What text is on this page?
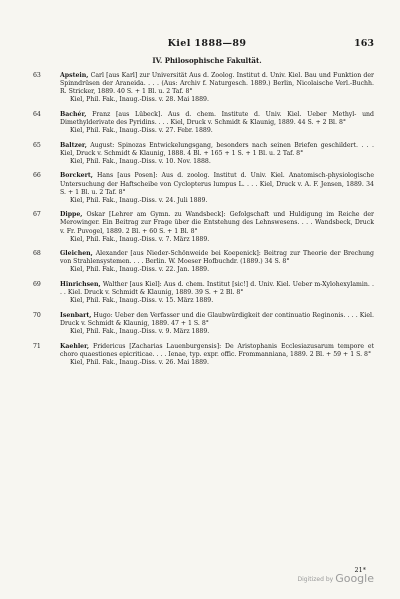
Kiel 1888—89	163
IV. Philosophische Fakultät.
63	Apstein, Carl [aus Karl] zur Universität Aus d. Zoolog. Institut d. Univ. Kiel. Bau und Funktion der Spinndrüsen der Araneida. . . . (Aus: Archiv f. Naturgesch. 1889.) Berlin, Nicolaische Verl.-Buchh. R. Stricker, 1889. 40 S. + 1 Bl. u. 2 Taf. 8°
Kiel, Phil. Fak., Inaug.-Diss. v. 28. Mai 1889.
64	Bachér, Franz [aus Lübeck]. Aus d. chem. Institute d. Univ. Kiel. Ueber Methyl- und Dimethylderivate des Pyridins. . . . Kiel, Druck v. Schmidt & Klaunig, 1889. 44 S. + 2 Bl. 8°
Kiel, Phil. Fak., Inaug.-Diss. v. 27. Febr. 1889.
65	Baltzer, August: Spinozas Entwickelungsgang, besonders nach seinen Briefen geschildert. . . . Kiel, Druck v. Schmidt & Klaunig, 1888. 4 Bl. + 165 + 1 S. + 1 Bl. u. 2 Taf. 8°
Kiel, Phil. Fak., Inaug.-Diss. v. 10. Nov. 1888.
66	Borckert, Hans [aus Posen]: Aus d. zoolog. Institut d. Univ. Kiel. Anatomisch-physiologische Untersuchung der Haftscheibe von Cyclopterus lumpus L. . . . Kiel, Druck v. A. F. Jensen, 1889. 34 S. + 1 Bl. u. 2 Taf. 8°
Kiel, Phil. Fak., Inaug.-Diss. v. 24. Juli 1889.
67	Dippe, Oskar [Lehrer am Gymn. zu Wandsbeck]: Gefolgschaft und Huldigung im Reiche der Merowinger. Ein Beitrag zur Frage über die Entstehung des Lehnswesens. . . . Wandsbeck, Druck v. Fr. Puvogel, 1889. 2 Bl. + 60 S. + 1 Bl. 8°
Kiel, Phil. Fak., Inaug.-Diss. v. 7. März 1889.
68	Gleichen, Alexander [aus Nieder-Schönweide bei Koepenick]: Beitrag zur Theorie der Brechung von Strahlensystemen. . . . Berlin. W. Moeser Hofbuchdr. (1889.) 34 S. 8°
Kiel, Phil. Fak., Inaug.-Diss. v. 22. Jan. 1889.
69	Hinrichsen, Walther [aus Kiel]: Aus d. chem. Institut [sic!] d. Univ. Kiel. Ueber m-Xylohexylamin. . . . Kiel. Druck v. Schmidt & Klaunig, 1889. 39 S. + 2 Bl. 8°
Kiel, Phil. Fak., Inaug.-Diss. v. 15. März 1889.
70	Isenbart, Hugo: Ueber den Verfasser und die Glaubwürdigkeit der continuatio Reginonis. . . . Kiel. Druck v. Schmidt & Klaunig, 1889. 47 + 1 S. 8°
Kiel, Phil. Fak., Inaug.-Diss. v. 9. März 1889.
71	Kaehler, Fridericus [Zacharias Lauenburgensis]: De Aristophanis Ecclesiazusarum tempore et choro quaestiones epicriticae. . . . Ienae, typ. expr. offic. Frommanniana, 1889. 2 Bl. + 59 + 1 S. 8°
Kiel, Phil. Fak., Inaug.-Diss. v. 26. Mai 1889.
21*
Digitized by Google
